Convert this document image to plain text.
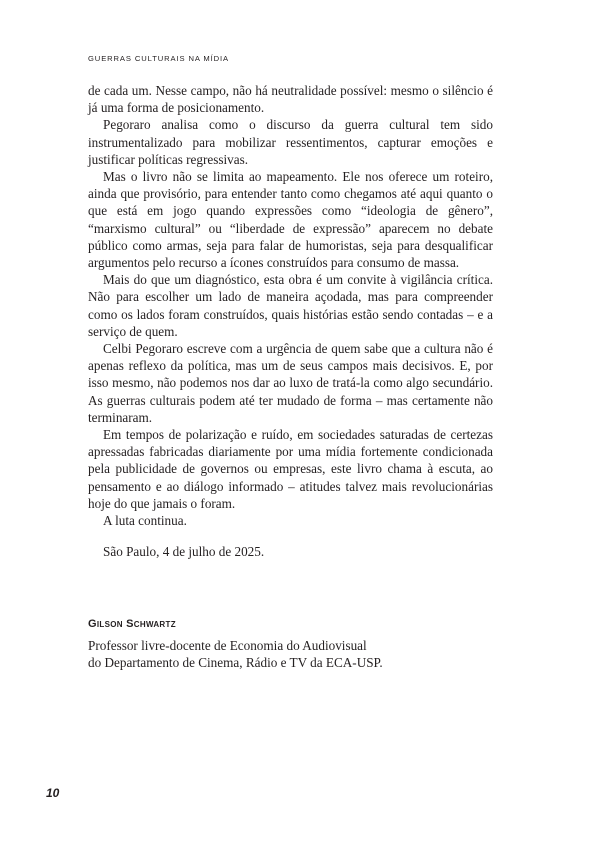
GUERRAS CULTURAIS NA MÍDIA

de cada um. Nesse campo, não há neutralidade possível: mesmo o silêncio é já uma forma de posicionamento.

Pegoraro analisa como o discurso da guerra cultural tem sido instrumentalizado para mobilizar ressentimentos, capturar emoções e justificar políticas regressivas.

Mas o livro não se limita ao mapeamento. Ele nos oferece um roteiro, ainda que provisório, para entender tanto como chegamos até aqui quanto o que está em jogo quando expressões como “ideologia de gênero”, “marxismo cultural” ou “liberdade de expressão” aparecem no debate público como armas, seja para falar de humoristas, seja para desqualificar argumentos pelo recurso a ícones construídos para consumo de massa.

Mais do que um diagnóstico, esta obra é um convite à vigilância crítica. Não para escolher um lado de maneira açodada, mas para compreender como os lados foram construídos, quais histórias estão sendo contadas – e a serviço de quem.

Celbi Pegoraro escreve com a urgência de quem sabe que a cultura não é apenas reflexo da política, mas um de seus campos mais decisivos. E, por isso mesmo, não podemos nos dar ao luxo de tratá-la como algo secundário. As guerras culturais podem até ter mudado de forma – mas certamente não terminaram.

Em tempos de polarização e ruído, em sociedades saturadas de certezas apressadas fabricadas diariamente por uma mídia fortemente condicionada pela publicidade de governos ou empresas, este livro chama à escuta, ao pensamento e ao diálogo informado – atitudes talvez mais revolucionárias hoje do que jamais o foram.

A luta continua.

São Paulo, 4 de julho de 2025.
Gilson Schwartz
Professor livre-docente de Economia do Audiovisual
do Departamento de Cinema, Rádio e TV da ECA-USP.
10
